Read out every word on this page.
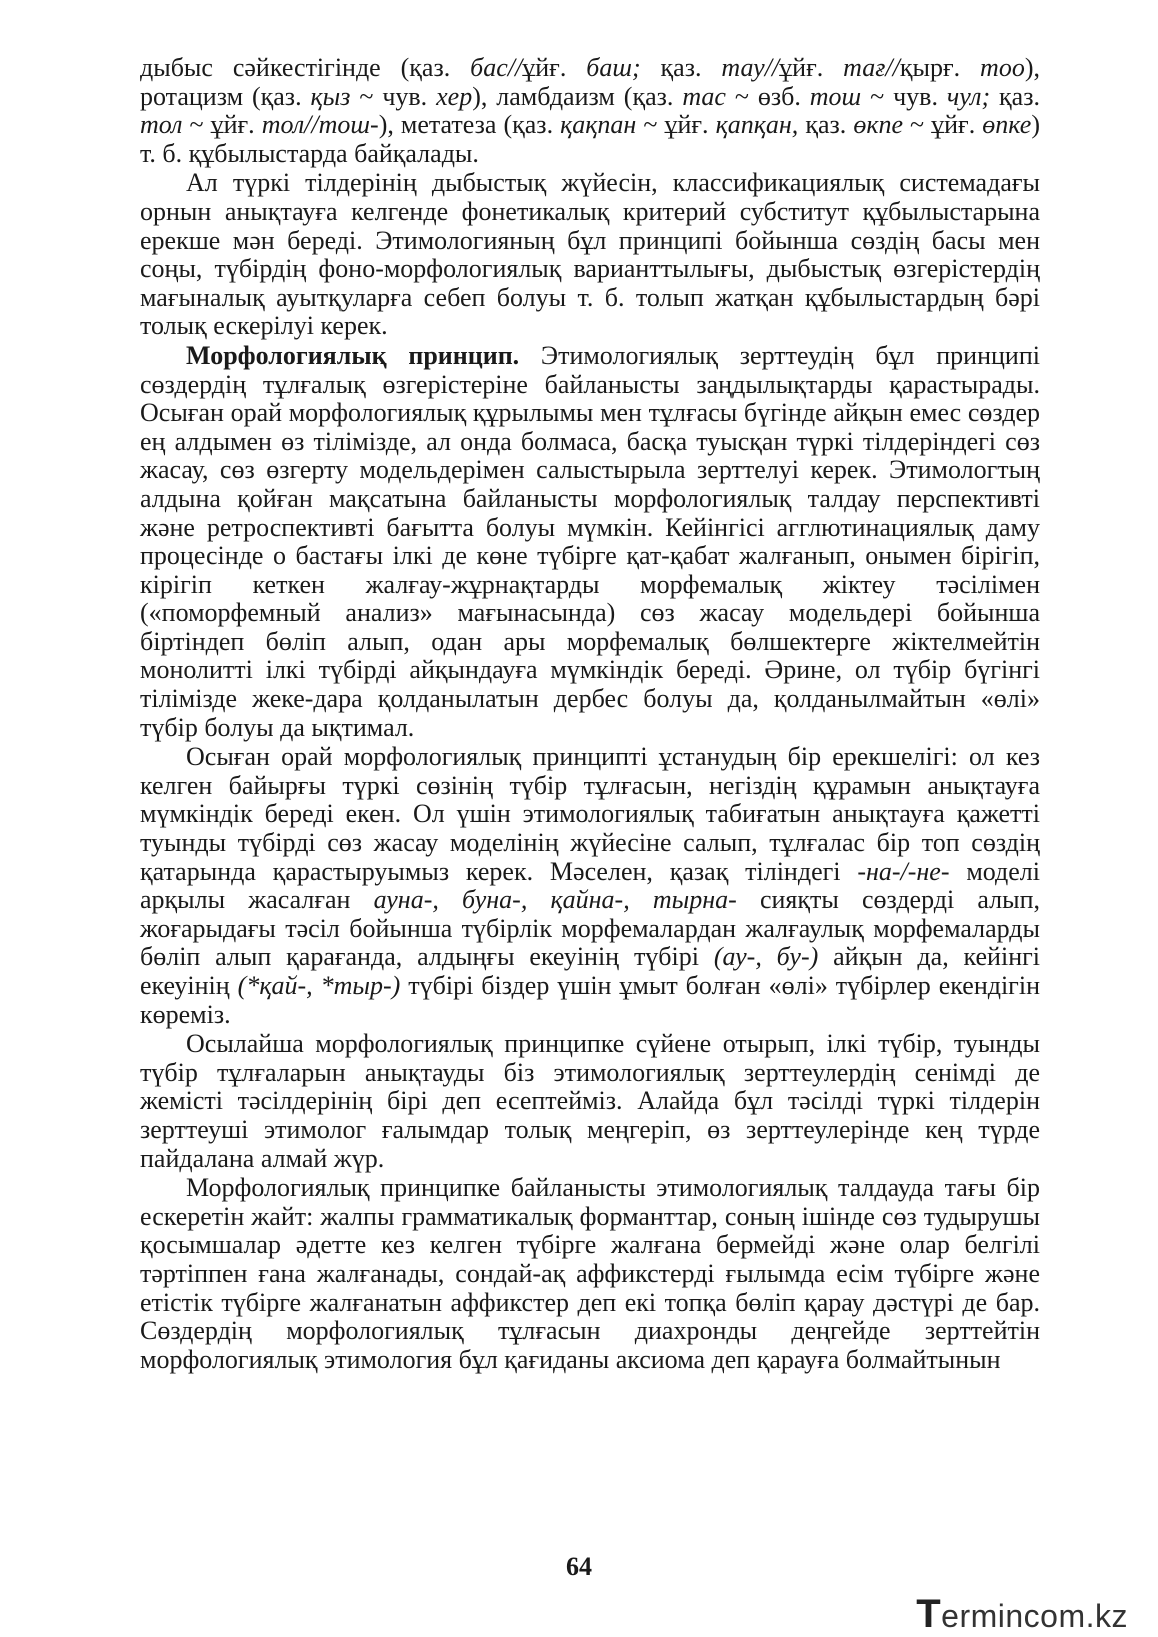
дыбыс сәйкестігінде (қаз. бас//ұйғ. баш; қаз. тау//ұйғ. тағ//қырғ. тоо), ротацизм (қаз. қыз ~ чув. хер), ламбдаизм (қаз. тас ~ өзб. тош ~ чув. чул; қаз. тол ~ ұйғ. тол//тош-), метатеза (қаз. қақпан ~ ұйғ. қапқан, қаз. өкпе ~ ұйғ. өпке) т. б. құбылыстарда байқалады.

Ал түркі тілдерінің дыбыстық жүйесін, классификациялық системадағы орнын анықтауға келгенде фонетикалық критерий субститут құбылыстарына ерекше мән береді. Этимологияның бұл принципі бойынша сөздің басы мен соңы, түбірдің фоно-морфологиялық варианттылығы, дыбыстық өзгерістердің мағыналық ауытқуларға себеп болуы т. б. толып жатқан құбылыстардың бәрі толық ескерілуі керек.

Морфологиялық принцип. Этимологиялық зерттеудің бұл принципі сөздердің тұлғалық өзгерістеріне байланысты заңдылықтарды қарастырады. Осыған орай морфологиялық құрылымы мен тұлғасы бүгінде айқын емес сөздер ең алдымен өз тілімізде, ал онда болмаса, басқа туысқан түркі тілдеріндегі сөз жасау, сөз өзгерту модельдерімен салыстырыла зерттелуі керек. Этимологтың алдына қойған мақсатына байланысты морфологиялық талдау перспективті және ретроспективті бағытта болуы мүмкін. Кейінгісі агглютинациялық даму процесінде о бастағы ілкі де көне түбірге қат-қабат жалғанып, онымен бірігіп, кірігіп кеткен жалғау-жұрнақтарды морфемалық жіктеу тәсілімен («поморфемный анализ» мағынасында) сөз жасау модельдері бойынша біртіндеп бөліп алып, одан ары морфемалық бөлшектерге жіктелмейтін монолитті ілкі түбірді айқындауға мүмкіндік береді. Әрине, ол түбір бүгінгі тілімізде жеке-дара қолданылатын дербес болуы да, қолданылмайтын «өлі» түбір болуы да ықтимал.

Осыған орай морфологиялық принципті ұстанудың бір ерекшелігі: ол кез келген байырғы түркі сөзінің түбір тұлғасын, негіздің құрамын анықтауға мүмкіндік береді екен. Ол үшін этимологиялық табиғатын анықтауға қажетті туынды түбірді сөз жасау моделінің жүйесіне салып, тұлғалас бір топ сөздің қатарында қарастыруымыз керек. Мәселен, қазақ тіліндегі -на-/-не- моделі арқылы жасалған ауна-, буна-, қайна-, тырна- сияқты сөздерді алып, жоғарыдағы тәсіл бойынша түбірлік морфемалардан жалғаулық морфемаларды бөліп алып қарағанда, алдыңғы екеуінің түбірі (ау-, бу-) айқын да, кейінгі екеуінің (*қай-, *тыр-) түбірі біздер үшін ұмыт болған «өлі» түбірлер екендігін көреміз.

Осылайша морфологиялық принципке сүйене отырып, ілкі түбір, туынды түбір тұлғаларын анықтауды біз этимологиялық зерттеулердің сенімді де жемісті тәсілдерінің бірі деп есептейміз. Алайда бұл тәсілді түркі тілдерін зерттеуші этимолог ғалымдар толық меңгеріп, өз зерттеулерінде кең түрде пайдалана алмай жүр.

Морфологиялық принципке байланысты этимологиялық талдауда тағы бір ескеретін жайт: жалпы грамматикалық форманттар, соның ішінде сөз тудырушы қосымшалар әдетте кез келген түбірге жалғана бермейді және олар белгілі тәртіппен ғана жалғанады, сондай-ақ аффикстерді ғылымда есім түбірге және етістік түбірге жалғанатын аффикстер деп екі топқа бөліп қарау дәстүрі де бар. Сөздердің морфологиялық тұлғасын диахронды деңгейде зерттейтін морфологиялық этимология бұл қағиданы аксиома деп қарауға болмайтынын

64
Termincom.kz
